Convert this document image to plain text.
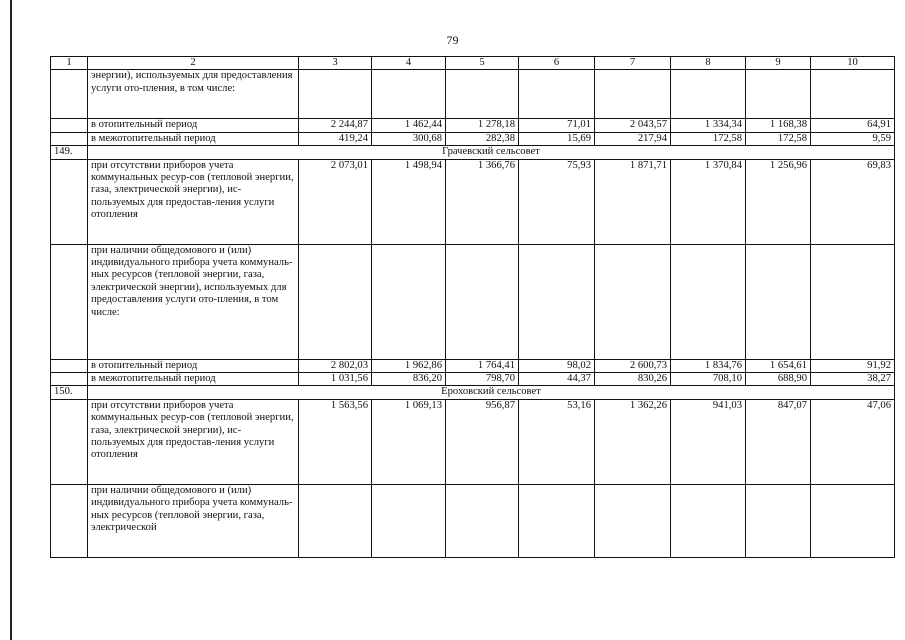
79
1	2	3	4	5	6	7	8	9	10
	энергии), используемых для предоставления услуги ото-пления, в том числе:								
	в отопительный период	2 244,87	1 462,44	1 278,18	71,01	2 043,57	1 334,34	1 168,38	64,91
	в межотопительный период	419,24	300,68	282,38	15,69	217,94	172,58	172,58	9,59
149.	Грачевский сельсовет								
	при отсутствии приборов учета коммунальных ресур-сов (тепловой энергии, газа, электрической энергии), ис-пользуемых для предостав-ления услуги отопления	2 073,01	1 498,94	1 366,76	75,93	1 871,71	1 370,84	1 256,96	69,83
	при наличии общедомового и (или) индивидуального прибора учета коммуналь-ных ресурсов (тепловой энергии, газа, электрической энергии), используемых для предоставления услуги ото-пления, в том числе:								
	в отопительный период	2 802,03	1 962,86	1 764,41	98,02	2 600,73	1 834,76	1 654,61	91,92
	в межотопительный период	1 031,56	836,20	798,70	44,37	830,26	708,10	688,90	38,27
150.	Ероховский сельсовет								
	при отсутствии приборов учета коммунальных ресур-сов (тепловой энергии, газа, электрической энергии), ис-пользуемых для предостав-ления услуги отопления	1 563,56	1 069,13	956,87	53,16	1 362,26	941,03	847,07	47,06
	при наличии общедомового и (или) индивидуального прибора учета коммуналь-ных ресурсов (тепловой энергии, газа, электрической								
